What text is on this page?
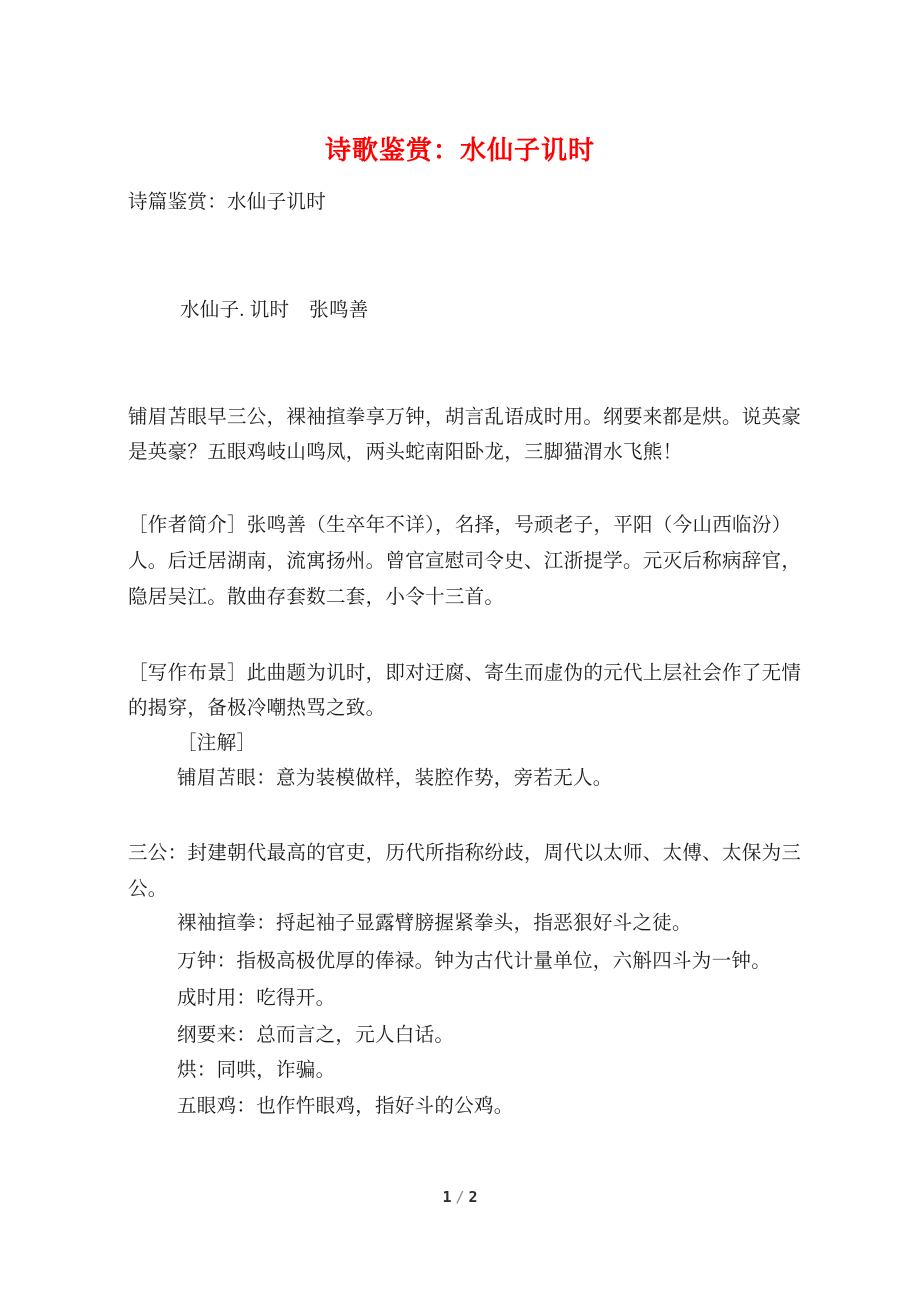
诗歌鉴赏：水仙子讥时
诗篇鉴赏：水仙子讥时
水仙子. 讥时　张鸣善
铺眉苫眼早三公，裸袖揎拳享万钟，胡言乱语成时用。纲要来都是烘。说英豪
是英豪？五眼鸡岐山鸣凤，两头蛇南阳卧龙，三脚猫渭水飞熊！
［作者简介］张鸣善（生卒年不详），名择，号顽老子，平阳（今山西临汾）
人。后迁居湖南，流寓扬州。曾官宣慰司令史、江浙提学。元灭后称病辞官，
隐居吴江。散曲存套数二套，小令十三首。
［写作布景］此曲题为讥时，即对迂腐、寄生而虚伪的元代上层社会作了无情
的揭穿，备极冷嘲热骂之致。
［注解］
铺眉苫眼：意为装模做样，装腔作势，旁若无人。
三公：封建朝代最高的官吏，历代所指称纷歧，周代以太师、太傅、太保为三
公。
裸袖揎拳：捋起袖子显露臂膀握紧拳头，指恶狠好斗之徒。
万钟：指极高极优厚的俸禄。钟为古代计量单位，六斛四斗为一钟。
成时用：吃得开。
纲要来：总而言之，元人白话。
烘：同哄，诈骗。
五眼鸡：也作忤眼鸡，指好斗的公鸡。
1 / 2
